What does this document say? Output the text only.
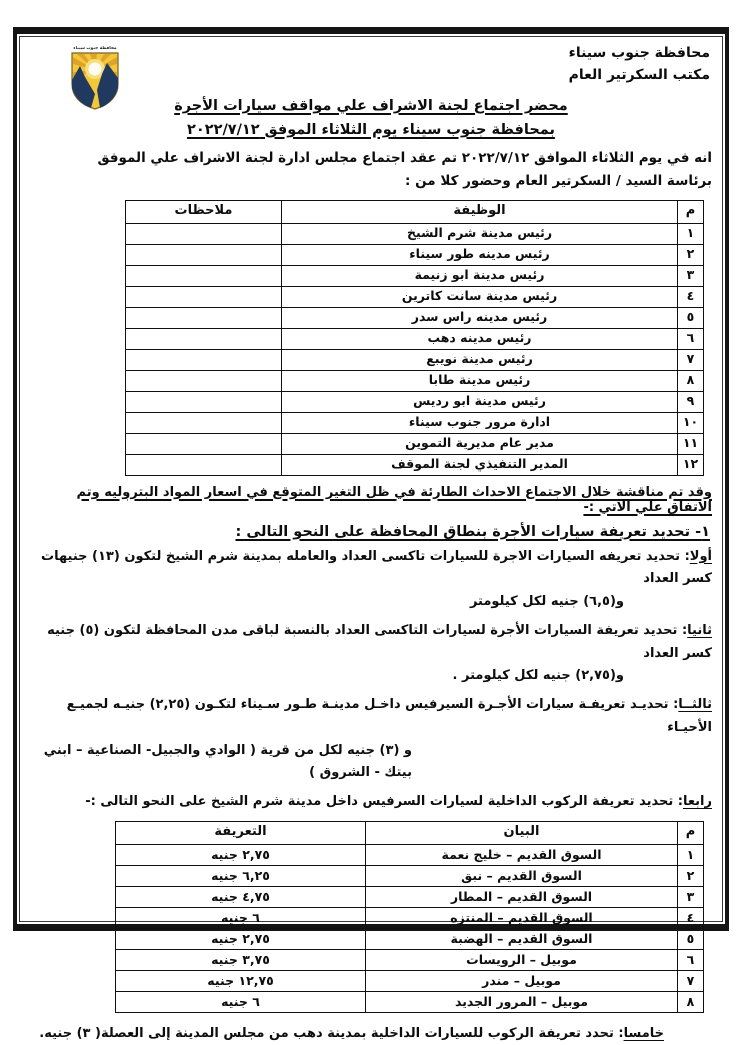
محافظة جنوب سيناء
مكتب السكرتير العام
محافظة جنوب سيناء
محضر اجتماع لجنة الاشراف علي مواقف سيارات الأجرة
بمحافظة جنوب سيناء يوم الثلاثاء الموفق ٢٠٢٢/٧/١٢
انه في يوم الثلاثاء الموافق ٢٠٢٢/٧/١٢ تم عقد اجتماع مجلس ادارة لجنة الاشراف علي الموفق
برئاسة السيد / السكرتير العام وحضور كلا من :
م	الوظيفة	ملاحظات
١	رئيس مدينة شرم الشيخ	
٢	رئيس مدينه طور سيناء	
٣	رئيس مدينة ابو زنيمة	
٤	رئيس مدينة سانت كاترين	
٥	رئيس مدينه راس سدر	
٦	رئيس مدينه دهب	
٧	رئيس مدينة نويبع	
٨	رئيس مدينة طابا	
٩	رئيس مدينة ابو رديس	
١٠	ادارة مرور جنوب سيناء	
١١	مدير عام مديرية التموين	
١٢	المدير التنفيذي لجنة الموقف	
وقد تم مناقشة خلال الاجتماع الاحداث الطارئة في ظل التغير المتوقع في اسعار المواد البتروليه وتم الاتفاق علي الاتي :-
١- تحديد تعريفة سيارات الأجرة بنطاق المحافظة على النحو التالى :
أولا: تحديد تعريفه السيارات الاجرة للسيارات تاكسى العداد والعامله بمدينة شرم الشيخ لتكون (١٣) جنيهات كسر العداد
و(٦,٥) جنيه لكل كيلومتر
ثانيا: تحديد تعريفة السيارات الأجرة لسيارات التاكسى العداد بالنسبة لباقى مدن المحافظة لتكون (٥) جنيه كسر العداد
و(٢,٧٥) جنيه لكل كيلومتر .
ثالثــا: تحديـد تعريفـة سيارات الأجـرة السيرفيس داخـل مدينـة طـور سـيناء لتكـون (٢,٢٥) جنيـه لجميـع الأحيـاء
و (٣) جنيه لكل من قرية ( الوادي والجبيل- الصناعية – ابني بيتك - الشروق )
رابعا: تحديد تعريفة الركوب الداخلية لسيارات السرفيس داخل مدينة شرم الشيخ على النحو التالى :-
م	البيان	التعريفة
١	السوق القديم – خليج نعمة	٢,٧٥ جنيه
٢	السوق القديم – نبق	٦,٢٥ جنيه
٣	السوق القديم – المطار	٤,٧٥ جنيه
٤	السوق القديم – المنتزه	٦ جنيه
٥	السوق القديم – الهضبة	٢,٧٥ جنيه
٦	موبيل – الرويسات	٣,٧٥ جنيه
٧	موبيل – مندر	١٢,٧٥ جنيه
٨	موبيل – المرور الجديد	٦ جنيه
خامسا: تحدد تعريفة الركوب للسيارات الداخلية بمدينة دهب من مجلس المدينة إلى العصلة( ٣) جنيه.
